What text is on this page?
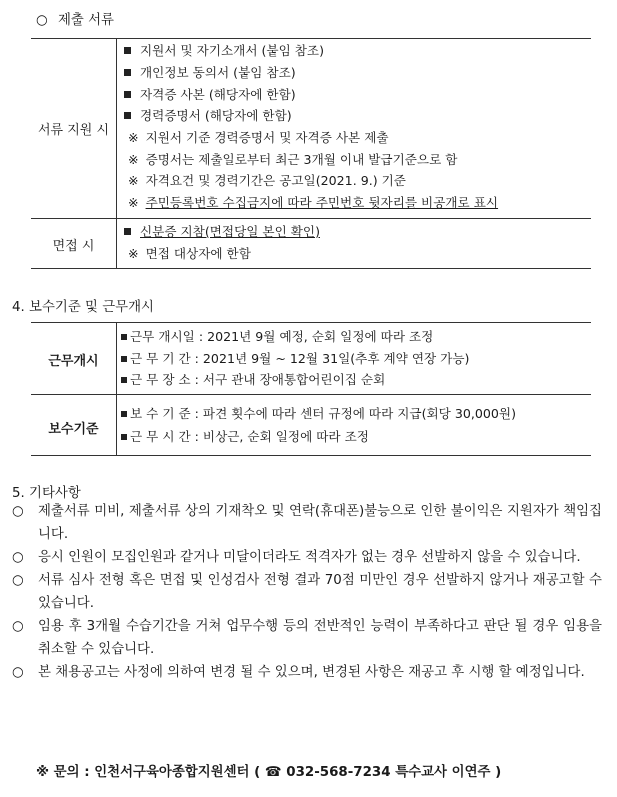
○ 제출 서류
서류 지원 시
지원서 및 자기소개서 (붙임 참조)
개인정보 동의서 (붙임 참조)
자격증 사본 (해당자에 한함)
경력증명서 (해당자에 한함)
※ 지원서 기준 경력증명서 및 자격증 사본 제출
※ 증명서는 제출일로부터 최근 3개월 이내 발급기준으로 함
※ 자격요건 및 경력기간은 공고일(2021. 9.) 기준
※ 주민등록번호 수집금지에 따라 주민번호 뒷자리를 비공개로 표시
면접 시
신분증 지참(면접당일 본인 확인)
※ 면접 대상자에 한함
4. 보수기준 및 근무개시
근무개시
근무 개시일 : 2021년 9월 예정, 순회 일정에 따라 조정
근 무 기 간 : 2021년 9월 ~ 12월 31일(추후 계약 연장 가능)
근 무 장 소 : 서구 관내 장애통합어린이집 순회
보수기준
보 수 기 준 : 파견 횟수에 따라 센터 규정에 따라 지급(회당 30,000원)
근 무 시 간 : 비상근, 순회 일정에 따라 조정
5. 기타사항
○ 제출서류 미비, 제출서류 상의 기재착오 및 연락(휴대폰)불능으로 인한 불이익은 지원자가 책임집니다.
○ 응시 인원이 모집인원과 같거나 미달이더라도 적격자가 없는 경우 선발하지 않을 수 있습니다.
○ 서류 심사 전형 혹은 면접 및 인성검사 전형 결과 70점 미만인 경우 선발하지 않거나 재공고할 수 있습니다.
○ 임용 후 3개월 수습기간을 거쳐 업무수행 등의 전반적인 능력이 부족하다고 판단 될 경우 임용을 취소할 수 있습니다.
○ 본 채용공고는 사정에 의하여 변경 될 수 있으며, 변경된 사항은 재공고 후 시행 할 예정입니다.
※ 문의 : 인천서구육아종합지원센터 ( ☎ 032-568-7234 특수교사 이연주 )
